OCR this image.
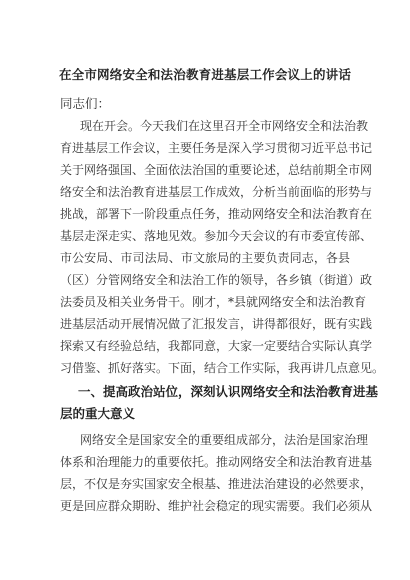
在全市网络安全和法治教育进基层工作会议上的讲话
同志们：
现在开会。今天我们在这里召开全市网络安全和法治教
育进基层工作会议，主要任务是深入学习贯彻习近平总书记
关于网络强国、全面依法治国的重要论述，总结前期全市网
络安全和法治教育进基层工作成效，分析当前面临的形势与
挑战，部署下一阶段重点任务，推动网络安全和法治教育在
基层走深走实、落地见效。参加今天会议的有市委宣传部、
市公安局、市司法局、市文旅局的主要负责同志，各县
（区）分管网络安全和法治工作的领导，各乡镇（街道）政
法委员及相关业务骨干。刚才，*县就网络安全和法治教育
进基层活动开展情况做了汇报发言，讲得都很好，既有实践
探索又有经验总结，我都同意，大家一定要结合实际认真学
习借鉴、抓好落实。下面，结合工作实际，我再讲几点意见。
一、提高政治站位，深刻认识网络安全和法治教育进基
层的重大意义
网络安全是国家安全的重要组成部分，法治是国家治理
体系和治理能力的重要依托。推动网络安全和法治教育进基
层，不仅是夯实国家安全根基、推进法治建设的必然要求，
更是回应群众期盼、维护社会稳定的现实需要。我们必须从
